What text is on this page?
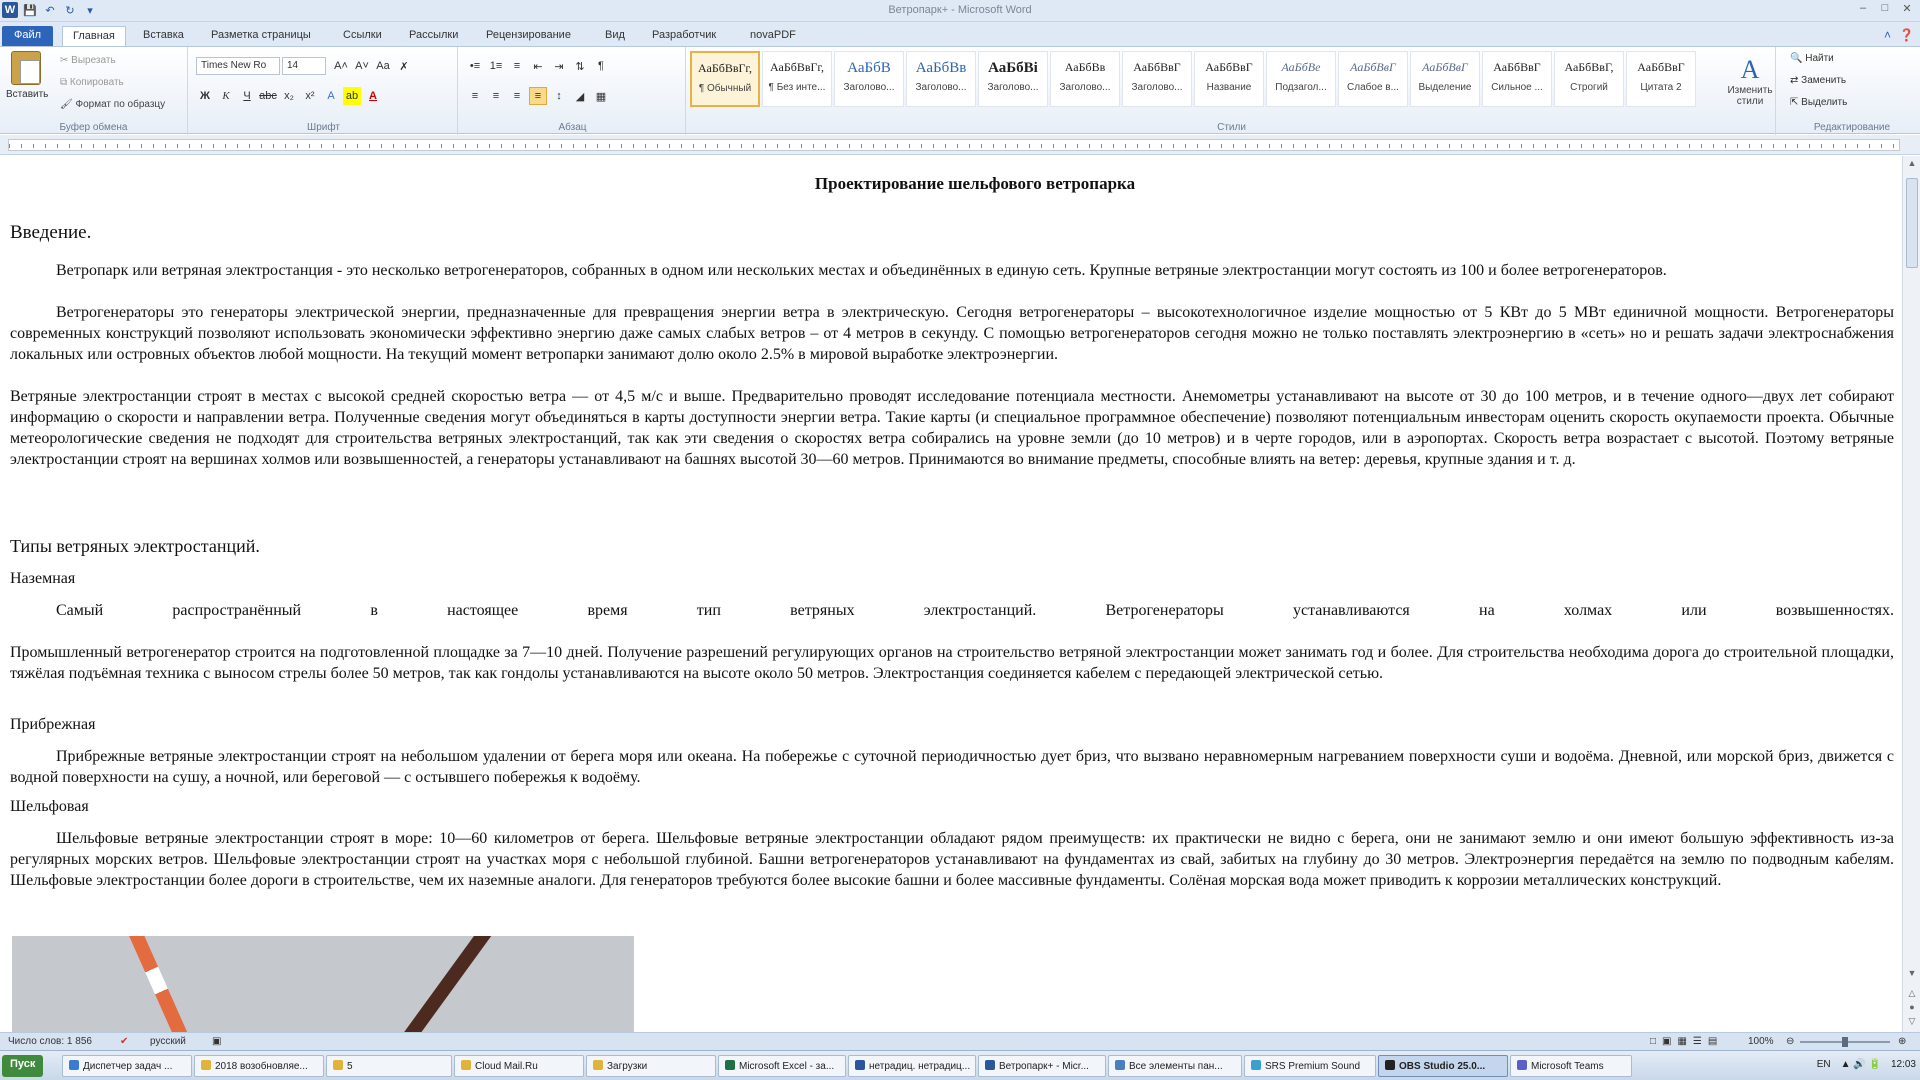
W 💾 ↶ ↻	▾	Ветропарк+ - Microsoft Word	–	□	✕
Файл	Главная	Вставка Разметка страницы	Ссылки Рассылки	Рецензирование	Вид Разработчик	novaPDF	˄ ❓
Вставить
✂ Вырезать
⧉ Копировать
🖌 Формат по образцу
Буфер обмена
Times New Ro	14	A˄ A˅ Aa ✗
Ж	К	Ч abc x₂	x²	A	ab A
Шрифт
•≡ 1≡	≡	⇤	⇥	⇅	¶
≡	≡	≡	≡	↕	◢	▦
Абзац	Стили
АаБбВвГг,
¶ Обычный
АаБбВвГг,
¶ Без инте...
АаБбВ
Заголово...
АаБбВв
Заголово...
АаБбВі
Заголово...
АаБбВв
Заголово...
АаБбВвГ
Заголово...
АаБбВвГ
Название
АаБбВе
Подзагол...
АаБбВвГ
Слабое в...
АаБбВвГ
Выделение
АаБбВвГ
Сильное ...
АаБбВвГ,
Строгий
АаБбВвГ
Цитата 2
A
Изменить стили
Редактирование
🔍 Найти
⇄ Заменить
⇱ Выделить
Проектирование шельфового ветропарка
Введение.
Ветропарк или ветряная электростанция - это несколько ветрогенераторов, собранных в одном или нескольких местах и объединённых в единую сеть. Крупные ветряные электростанции могут состоять из 100 и более ветрогенераторов.
Ветрогенераторы это генераторы электрической энергии, предназначенные для превращения энергии ветра в электрическую. Сегодня ветрогенераторы – высокотехнологичное изделие мощностью от 5 КВт до 5 МВт единичной мощности. Ветрогенераторы современных конструкций позволяют использовать экономически эффективно энергию даже самых слабых ветров – от 4 метров в секунду. С помощью ветрогенераторов сегодня можно не только поставлять электроэнергию в «сеть» но и решать задачи электроснабжения локальных или островных объектов любой мощности. На текущий момент ветропарки занимают долю около 2.5% в мировой выработке электроэнергии.
Ветряные электростанции строят в местах с высокой средней скоростью ветра — от 4,5 м/с и выше. Предварительно проводят исследование потенциала местности. Анемометры устанавливают на высоте от 30 до 100 метров, и в течение одного—двух лет собирают информацию о скорости и направлении ветра. Полученные сведения могут объединяться в карты доступности энергии ветра. Такие карты (и специальное программное обеспечение) позволяют потенциальным инвесторам оценить скорость окупаемости проекта. Обычные метеорологические сведения не подходят для строительства ветряных электростанций, так как эти сведения о скоростях ветра собирались на уровне земли (до 10 метров) и в черте городов, или в аэропортах. Скорость ветра возрастает с высотой. Поэтому ветряные электростанции строят на вершинах холмов или возвышенностей, а генераторы устанавливают на башнях высотой 30—60 метров. Принимаются во внимание предметы, способные влиять на ветер: деревья, крупные здания и т. д.
Типы ветряных электростанций.
Наземная
Самый распространённый в настоящее время тип ветряных электростанций. Ветрогенераторы устанавливаются на холмах или возвышенностях.
Промышленный ветрогенератор строится на подготовленной площадке за 7—10 дней. Получение разрешений регулирующих органов на строительство ветряной электростанции может занимать год и более. Для строительства необходима дорога до строительной площадки, тяжёлая подъёмная техника с выносом стрелы более 50 метров, так как гондолы устанавливаются на высоте около 50 метров. Электростанция соединяется кабелем с передающей электрической сетью.
Прибрежная
Прибрежные ветряные электростанции строят на небольшом удалении от берега моря или океана. На побережье с суточной периодичностью дует бриз, что вызвано неравномерным нагреванием поверхности суши и водоёма. Дневной, или морской бриз, движется с водной поверхности на сушу, а ночной, или береговой — с остывшего побережья к водоёму.
Шельфовая
Шельфовые ветряные электростанции строят в море: 10—60 километров от берега. Шельфовые ветряные электростанции обладают рядом преимуществ: их практически не видно с берега, они не занимают землю и они имеют большую эффективность из-за регулярных морских ветров. Шельфовые электростанции строят на участках моря с небольшой глубиной. Башни ветрогенераторов устанавливают на фундаментах из свай, забитых на глубину до 30 метров. Электроэнергия передаётся на землю по подводным кабелям. Шельфовые электростанции более дороги в строительстве, чем их наземные аналоги. Для генераторов требуются более высокие башни и более массивные фундаменты. Солёная морская вода может приводить к коррозии металлических конструкций.
▲
▼
△
●
▽
Число слов: 1 856	✔ русский	▣	□▣▦☰▤ 100% ⊖	⊕
Пуск	Диспетчер задач ...	2018 возобновляе...	5	Cloud Mail.Ru	Загрузки	Microsoft Excel - за...	нетрадиц. нетрадиц...	Ветропарк+ - Micr...	Все элементы пан...	SRS Premium Sound	OBS Studio 25.0...	Microsoft Teams	EN ▲ 🔊 🔋 12:03
